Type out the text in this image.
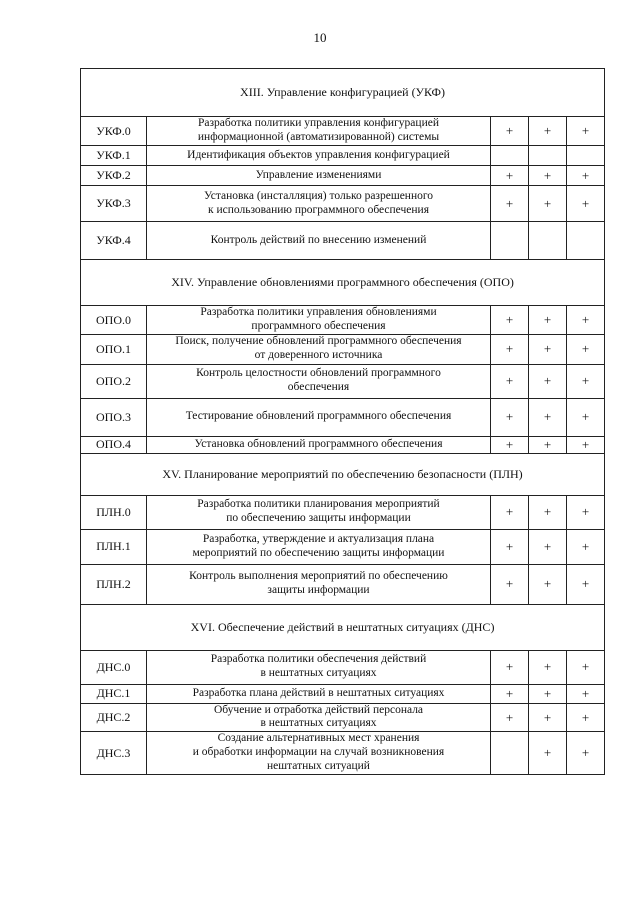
10
XIII. Управление конфигурацией (УКФ)				
УКФ.0	Разработка политики управления конфигурацией
информационной (автоматизированной) системы	+	+	+
УКФ.1	Идентификация объектов управления конфигурацией			
УКФ.2	Управление изменениями	+	+	+
УКФ.3	Установка (инсталляция) только разрешенного
к использованию программного обеспечения	+	+	+
УКФ.4	Контроль действий по внесению изменений			
XIV. Управление обновлениями программного обеспечения (ОПО)				
ОПО.0	Разработка политики управления обновлениями
программного обеспечения	+	+	+
ОПО.1	Поиск, получение обновлений программного обеспечения
от доверенного источника	+	+	+
ОПО.2	Контроль целостности обновлений программного
обеспечения	+	+	+
ОПО.3	Тестирование обновлений программного обеспечения	+	+	+
ОПО.4	Установка обновлений программного обеспечения	+	+	+
XV. Планирование мероприятий по обеспечению безопасности (ПЛН)				
ПЛН.0	Разработка политики планирования мероприятий
по обеспечению защиты информации	+	+	+
ПЛН.1	Разработка, утверждение и актуализация плана
мероприятий по обеспечению защиты информации	+	+	+
ПЛН.2	Контроль выполнения мероприятий по обеспечению
защиты информации	+	+	+
XVI. Обеспечение действий в нештатных ситуациях (ДНС)				
ДНС.0	Разработка политики обеспечения действий
в нештатных ситуациях	+	+	+
ДНС.1	Разработка плана действий в нештатных ситуациях	+	+	+
ДНС.2	Обучение и отработка действий персонала
в нештатных ситуациях	+	+	+
ДНС.3	Создание альтернативных мест хранения
и обработки информации на случай возникновения
нештатных ситуаций		+	+
